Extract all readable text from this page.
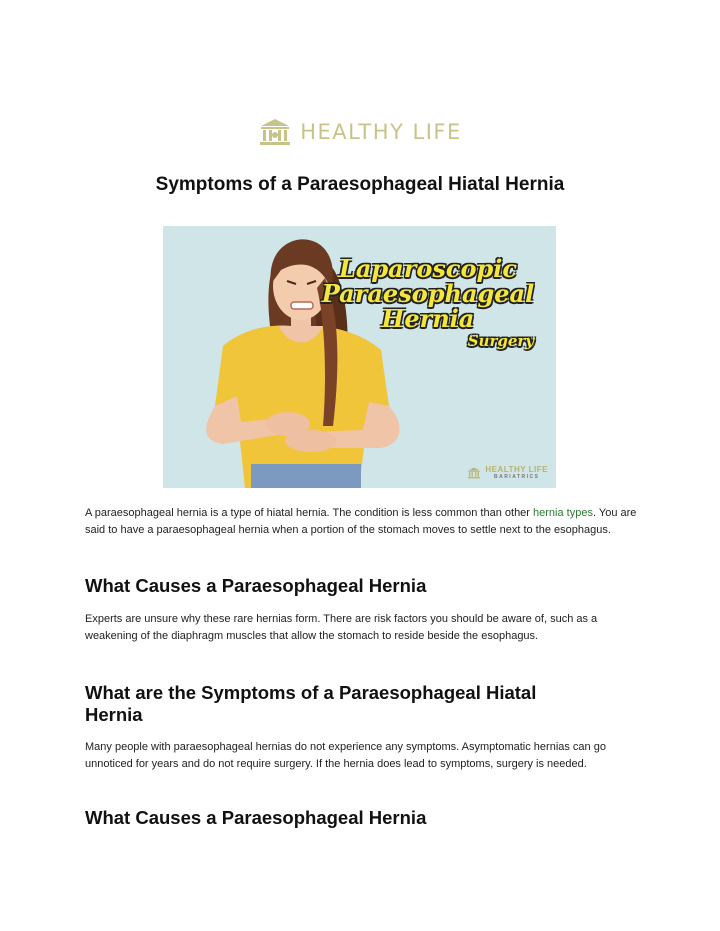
HEALTHY LIFE
Symptoms of a Paraesophageal Hiatal Hernia
Laparoscopic
Paraesophageal
Hernia
Surgery
HEALTHY LIFE
BARIATRICS

A paraesophageal hernia is a type of hiatal hernia. The condition is less common than other hernia types. You are said to have a paraesophageal hernia when a portion of the stomach moves to settle next to the esophagus.

What Causes a Paraesophageal Hernia

Experts are unsure why these rare hernias form. There are risk factors you should be aware of, such as a weakening of the diaphragm muscles that allow the stomach to reside beside the esophagus.

What are the Symptoms of a Paraesophageal Hiatal
Hernia

Many people with paraesophageal hernias do not experience any symptoms. Asymptomatic hernias can go unnoticed for years and do not require surgery. If the hernia does lead to symptoms, surgery is needed.

What Causes a Paraesophageal Hernia
